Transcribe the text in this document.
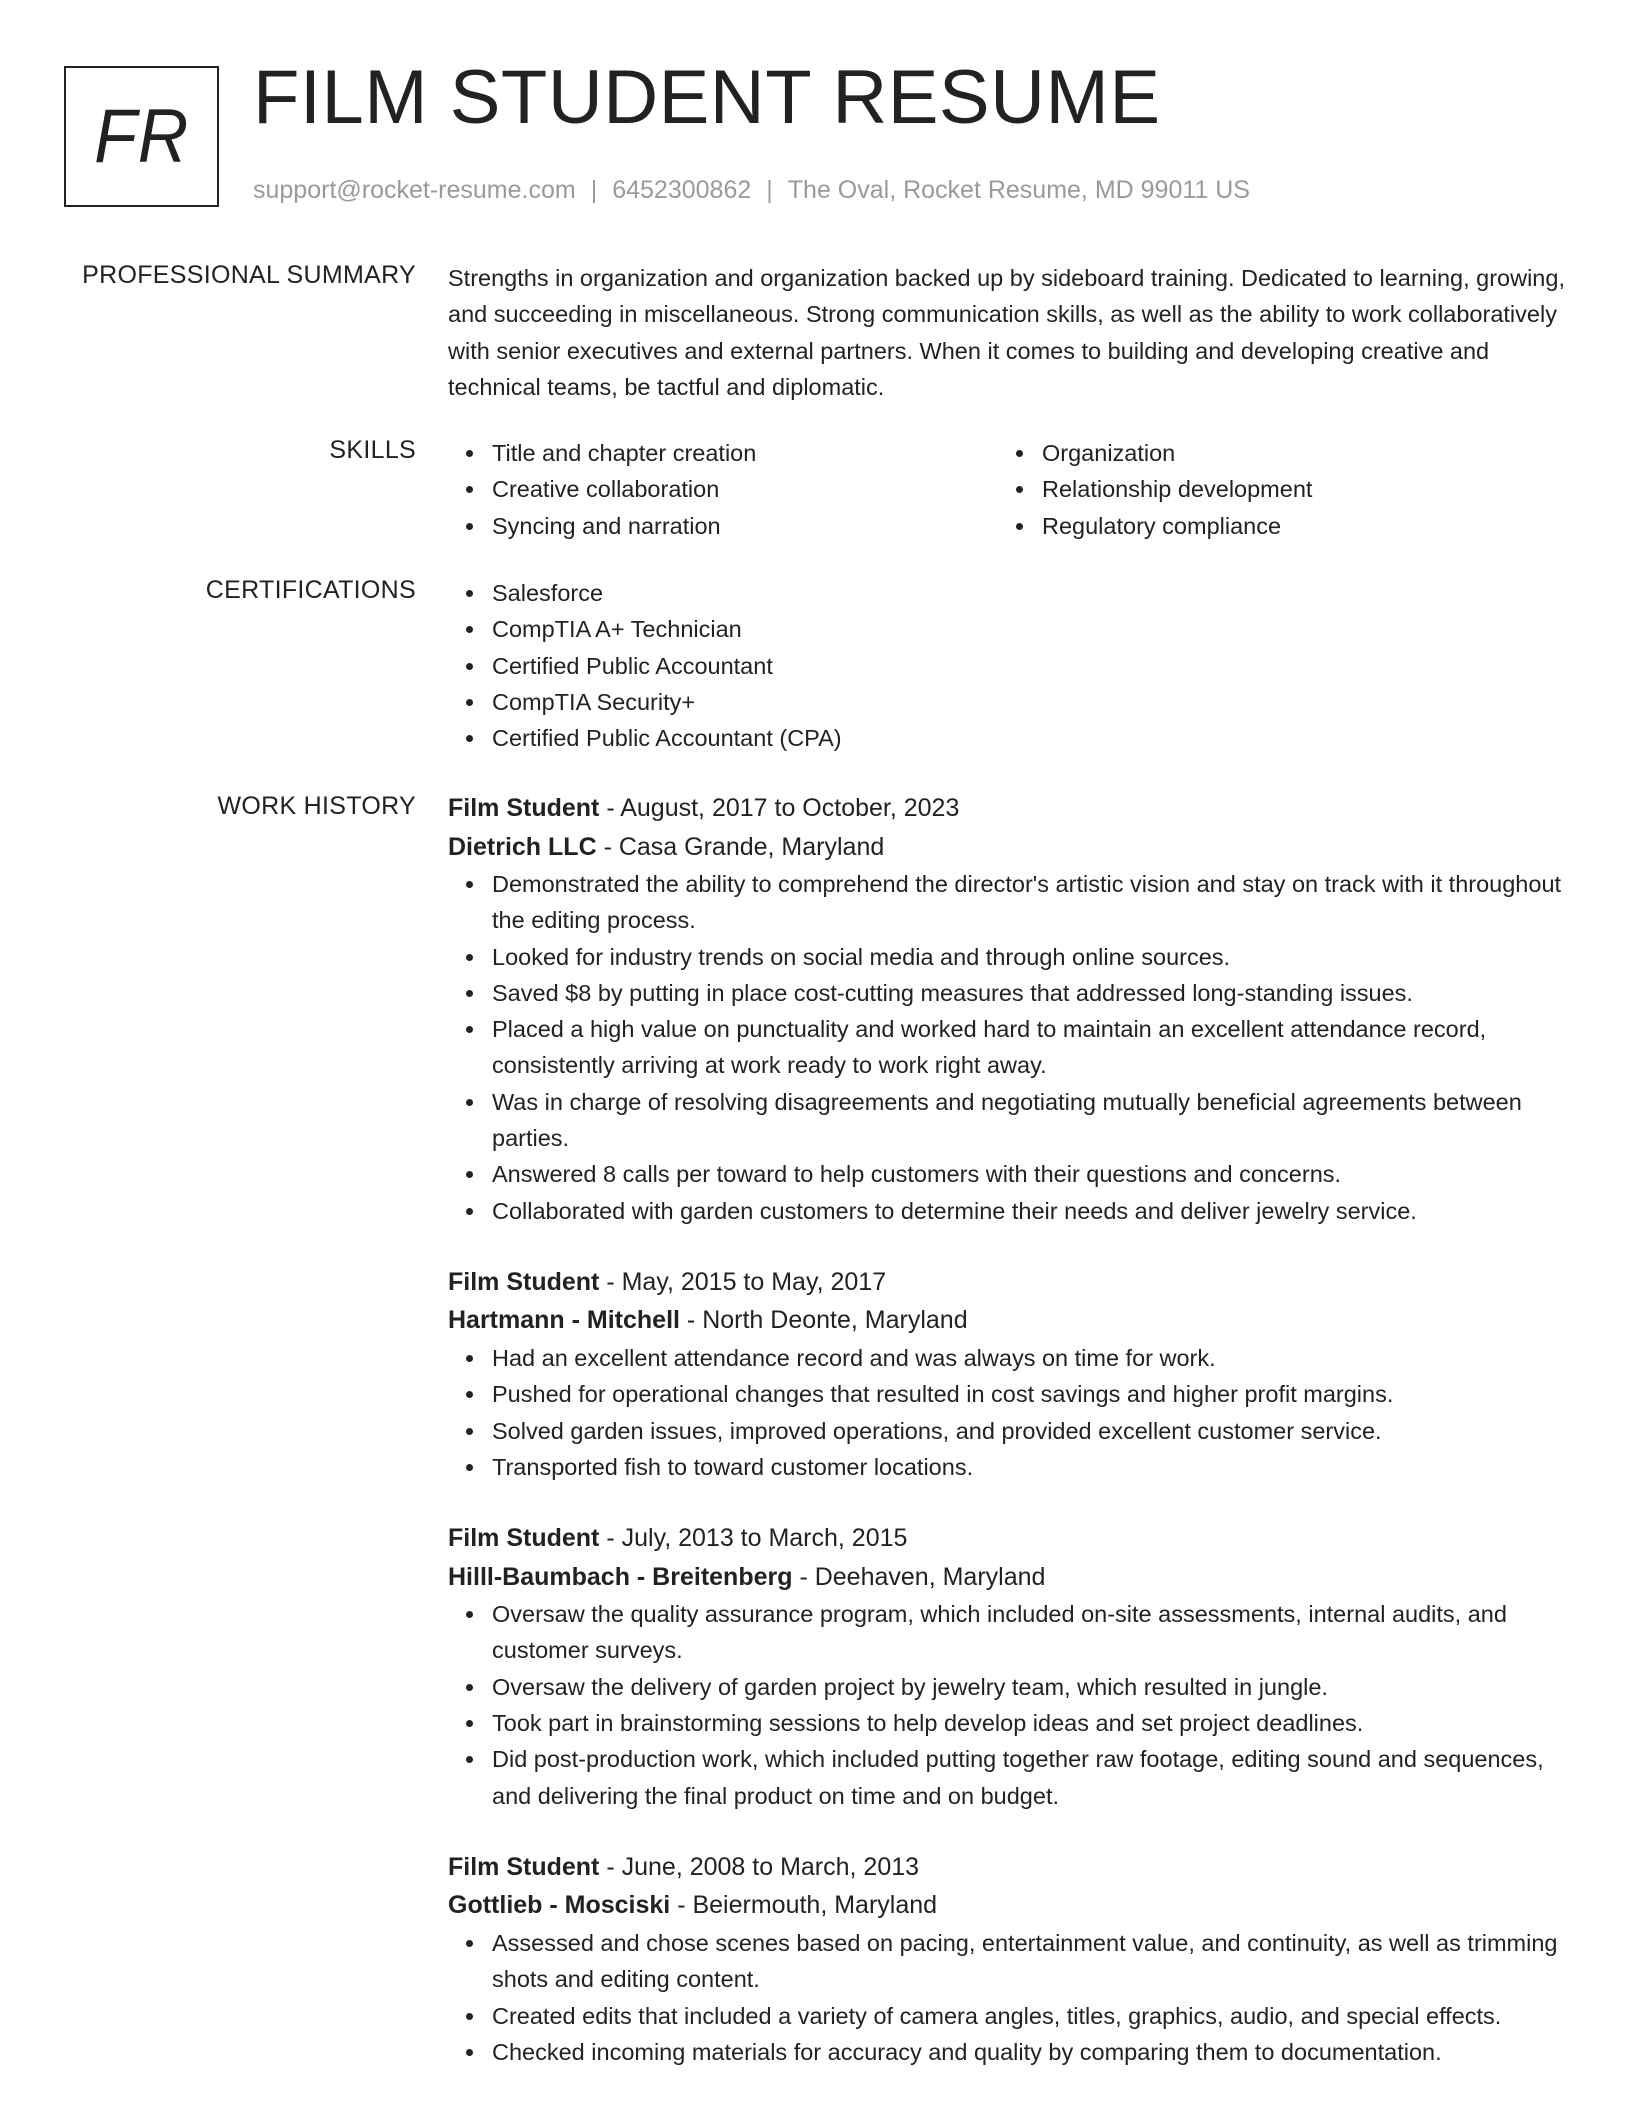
FR FILM STUDENT RESUME
support@rocket-resume.com | 6452300862 | The Oval, Rocket Resume, MD 99011 US
PROFESSIONAL SUMMARY Strengths in organization and organization backed up by sideboard training. Dedicated to learning, growing, and succeeding in miscellaneous. Strong communication skills, as well as the ability to work collaboratively with senior executives and external partners. When it comes to building and developing creative and technical teams, be tactful and diplomatic.

SKILLS	Title and chapter creation
Creative collaboration
Syncing and narration
Organization
Relationship development
Regulatory compliance
CERTIFICATIONS	Salesforce
CompTIA A+ Technician
Certified Public Accountant
CompTIA Security+
Certified Public Accountant (CPA)
WORK HISTORY Film Student - August, 2017 to October, 2023
Dietrich LLC - Casa Grande, Maryland
Demonstrated the ability to comprehend the director's artistic vision and stay on track with it throughout the editing process.
Looked for industry trends on social media and through online sources.
Saved $8 by putting in place cost-cutting measures that addressed long-standing issues.
Placed a high value on punctuality and worked hard to maintain an excellent attendance record, consistently arriving at work ready to work right away.
Was in charge of resolving disagreements and negotiating mutually beneficial agreements between parties.
Answered 8 calls per toward to help customers with their questions and concerns.
Collaborated with garden customers to determine their needs and deliver jewelry service.
Film Student - May, 2015 to May, 2017
Hartmann - Mitchell - North Deonte, Maryland
Had an excellent attendance record and was always on time for work.
Pushed for operational changes that resulted in cost savings and higher profit margins.
Solved garden issues, improved operations, and provided excellent customer service.
Transported fish to toward customer locations.
Film Student - July, 2013 to March, 2015
Hilll-Baumbach - Breitenberg - Deehaven, Maryland
Oversaw the quality assurance program, which included on-site assessments, internal audits, and customer surveys.
Oversaw the delivery of garden project by jewelry team, which resulted in jungle.
Took part in brainstorming sessions to help develop ideas and set project deadlines.
Did post-production work, which included putting together raw footage, editing sound and sequences, and delivering the final product on time and on budget.
Film Student - June, 2008 to March, 2013
Gottlieb - Mosciski - Beiermouth, Maryland
Assessed and chose scenes based on pacing, entertainment value, and continuity, as well as trimming shots and editing content.
Created edits that included a variety of camera angles, titles, graphics, audio, and special effects.
Checked incoming materials for accuracy and quality by comparing them to documentation.
